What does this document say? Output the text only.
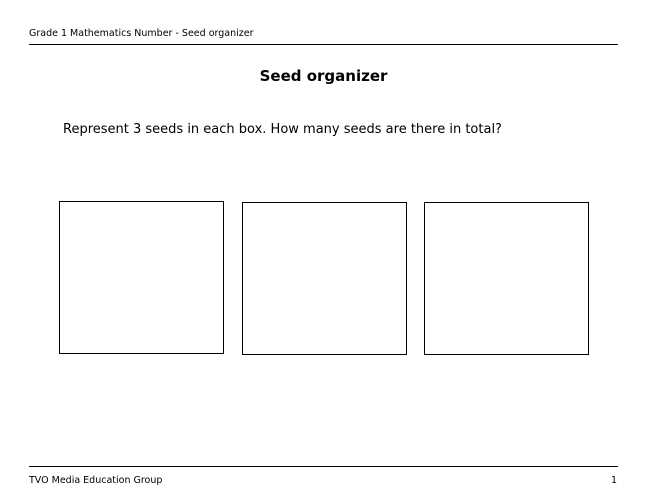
Grade 1 Mathematics Number - Seed organizer
Seed organizer
Represent 3 seeds in each box. How many seeds are there in total?
TVO Media Education Group	1
